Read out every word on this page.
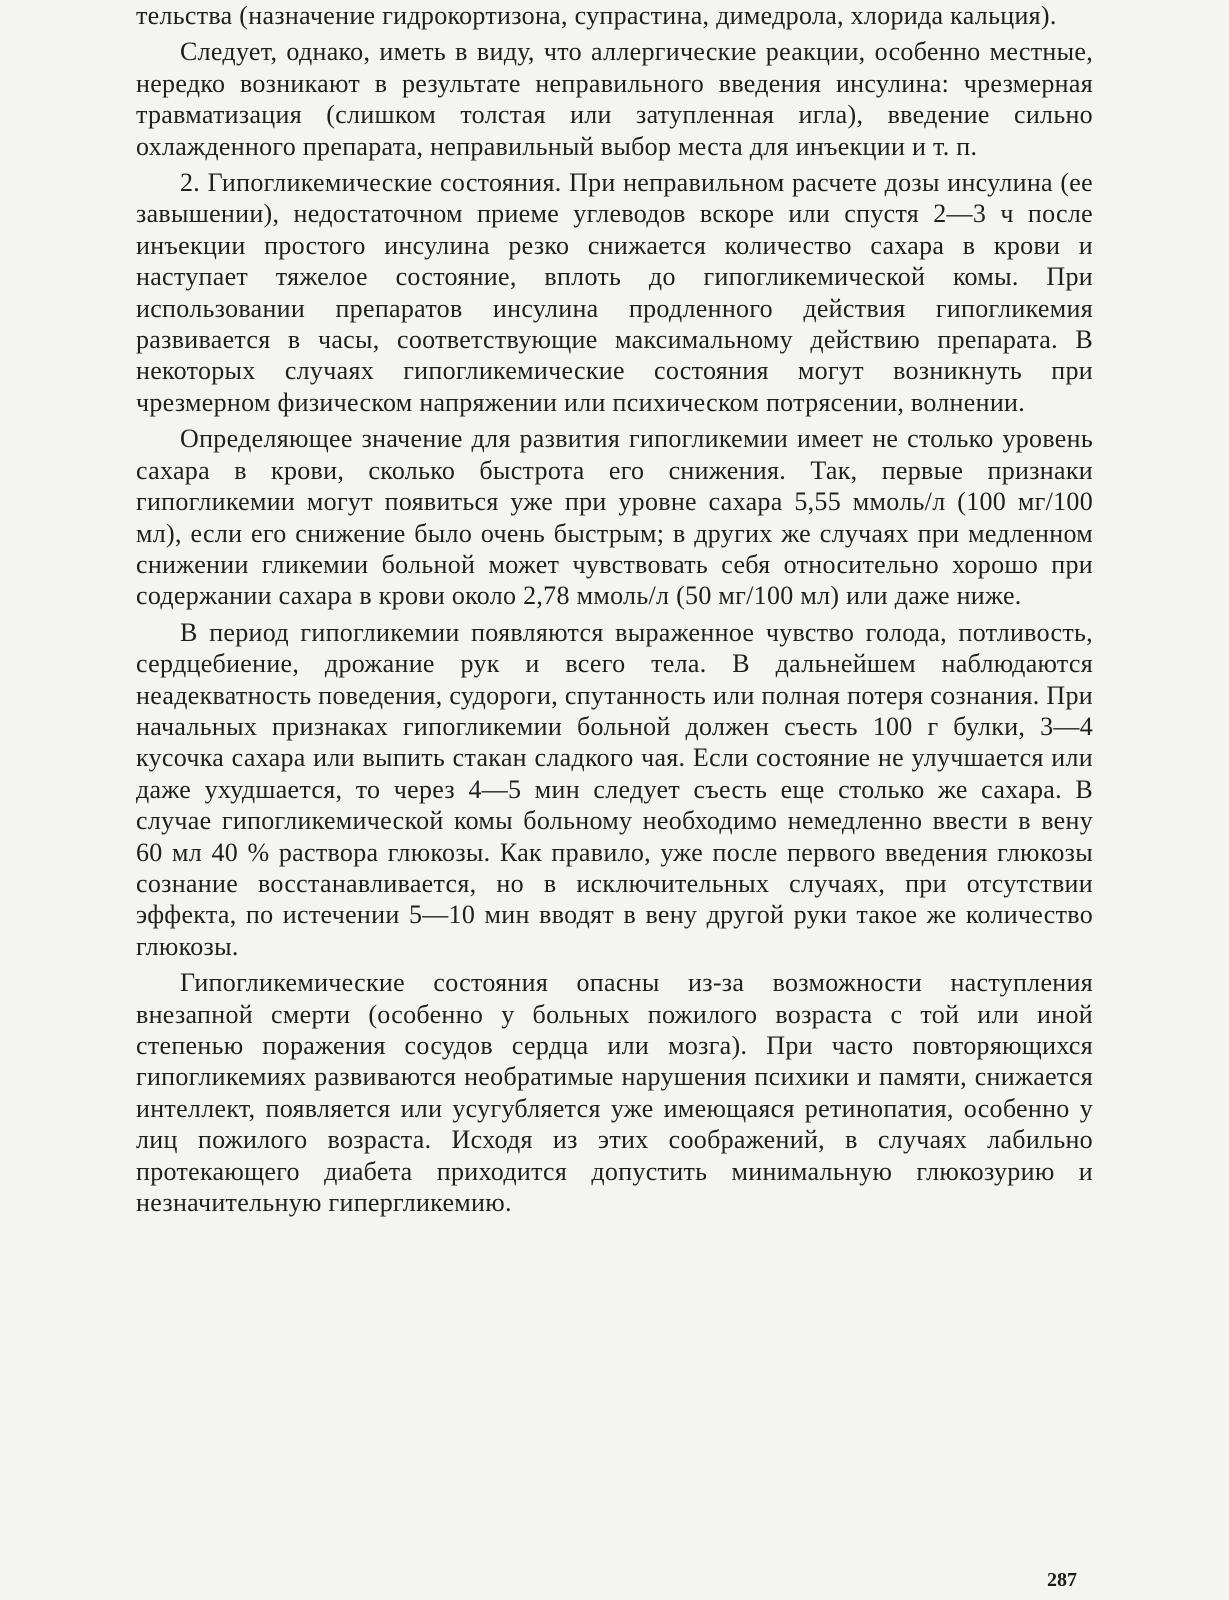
тельства (назначение гидрокортизона, супрастина, димедрола, хлорида кальция).

Следует, однако, иметь в виду, что аллергические реакции, особенно местные, нередко возникают в результате неправильного введения инсулина: чрезмерная травматизация (слишком толстая или затупленная игла), введение сильно охлажденного препарата, неправильный выбор места для инъекции и т. п.

2. Гипогликемические состояния. При неправильном расчете дозы инсулина (ее завышении), недостаточном приеме углеводов вскоре или спустя 2—3 ч после инъекции простого инсулина резко снижается количество сахара в крови и наступает тяжелое состояние, вплоть до гипогликемической комы. При использовании препаратов инсулина продленного действия гипогликемия развивается в часы, соответствующие максимальному действию препарата. В некоторых случаях гипогликемические состояния могут возникнуть при чрезмерном физическом напряжении или психическом потрясении, волнении.

Определяющее значение для развития гипогликемии имеет не столько уровень сахара в крови, сколько быстрота его снижения. Так, первые признаки гипогликемии могут появиться уже при уровне сахара 5,55 ммоль/л (100 мг/100 мл), если его снижение было очень быстрым; в других же случаях при медленном снижении гликемии больной может чувствовать себя относительно хорошо при содержании сахара в крови около 2,78 ммоль/л (50 мг/100 мл) или даже ниже.

В период гипогликемии появляются выраженное чувство голода, потливость, сердцебиение, дрожание рук и всего тела. В дальнейшем наблюдаются неадекватность поведения, судороги, спутанность или полная потеря сознания. При начальных признаках гипогликемии больной должен съесть 100 г булки, 3—4 кусочка сахара или выпить стакан сладкого чая. Если состояние не улучшается или даже ухудшается, то через 4—5 мин следует съесть еще столько же сахара. В случае гипогликемической комы больному необходимо немедленно ввести в вену 60 мл 40 % раствора глюкозы. Как правило, уже после первого введения глюкозы сознание восстанавливается, но в исключительных случаях, при отсутствии эффекта, по истечении 5—10 мин вводят в вену другой руки такое же количество глюкозы.

Гипогликемические состояния опасны из-за возможности наступления внезапной смерти (особенно у больных пожилого возраста с той или иной степенью поражения сосудов сердца или мозга). При часто повторяющихся гипогликемиях развиваются необратимые нарушения психики и памяти, снижается интеллект, появляется или усугубляется уже имеющаяся ретинопатия, особенно у лиц пожилого возраста. Исходя из этих соображений, в случаях лабильно протекающего диабета приходится допустить минимальную глюкозурию и незначительную гипергликемию.

287
